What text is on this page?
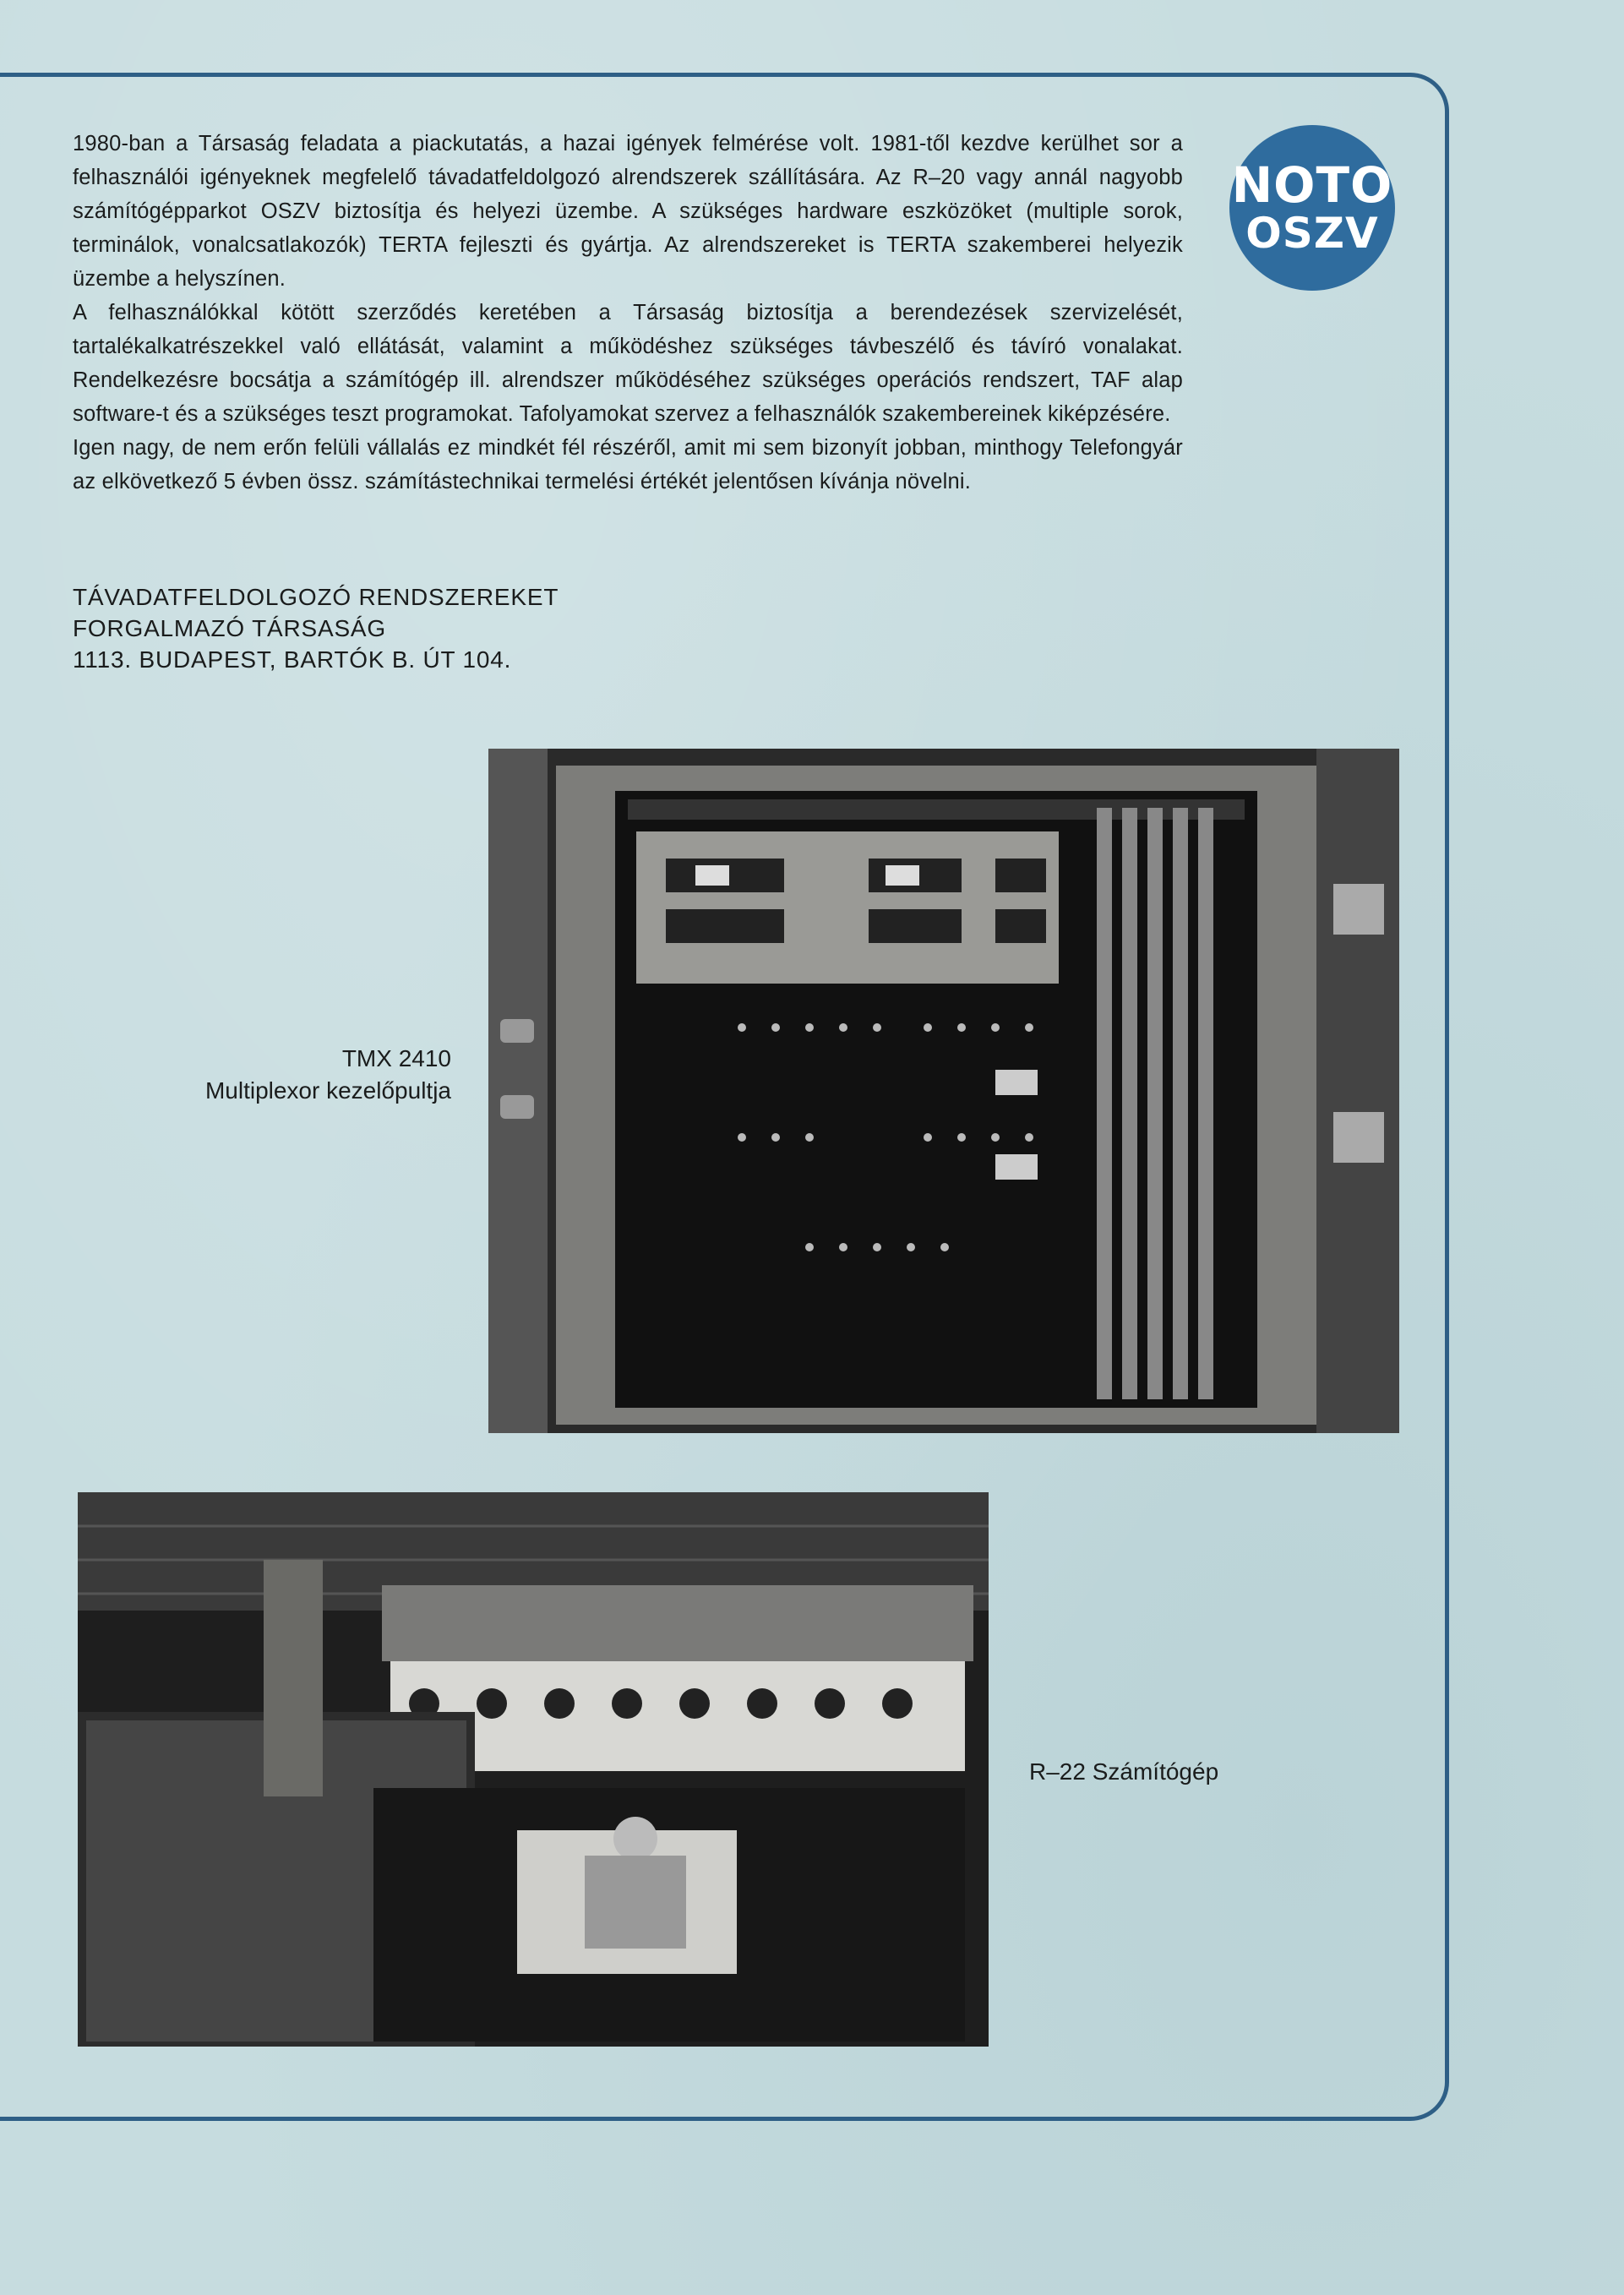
1980-ban a Társaság feladata a piackutatás, a hazai igények felmérése volt. 1981-től kezdve kerülhet sor a felhasználói igényeknek megfelelő távadatfeldolgozó alrendszerek szállítására. Az R–20 vagy annál nagyobb számítógépparkot OSZV biztosítja és helyezi üzembe. A szükséges hardware eszközöket (multiple sorok, terminálok, vonalcsatlakozók) TERTA fejleszti és gyártja. Az alrendszereket is TERTA szakemberei helyezik üzembe a helyszínen.

A felhasználókkal kötött szerződés keretében a Társaság biztosítja a berendezések szervizelését, tartalékalkatrészekkel való ellátását, valamint a működéshez szükséges távbeszélő és távíró vonalakat. Rendelkezésre bocsátja a számítógép ill. alrendszer működéséhez szükséges operációs rendszert, TAF alap software-t és a szükséges teszt programokat. Tafolyamokat szervez a felhasználók szakembereinek kiképzésére.

Igen nagy, de nem erőn felüli vállalás ez mindkét fél részéről, amit mi sem bizonyít jobban, minthogy Telefongyár az elkövetkező 5 évben össz. számítástechnikai termelési értékét jelentősen kívánja növelni.

TÁVADATFELDOLGOZÓ RENDSZEREKET
FORGALMAZÓ TÁRSASÁG
1113. BUDAPEST, BARTÓK B. ÚT 104.
NOTO
OSZV
TMX 2410
Multiplexor kezelőpultja
R–22 Számítógép
